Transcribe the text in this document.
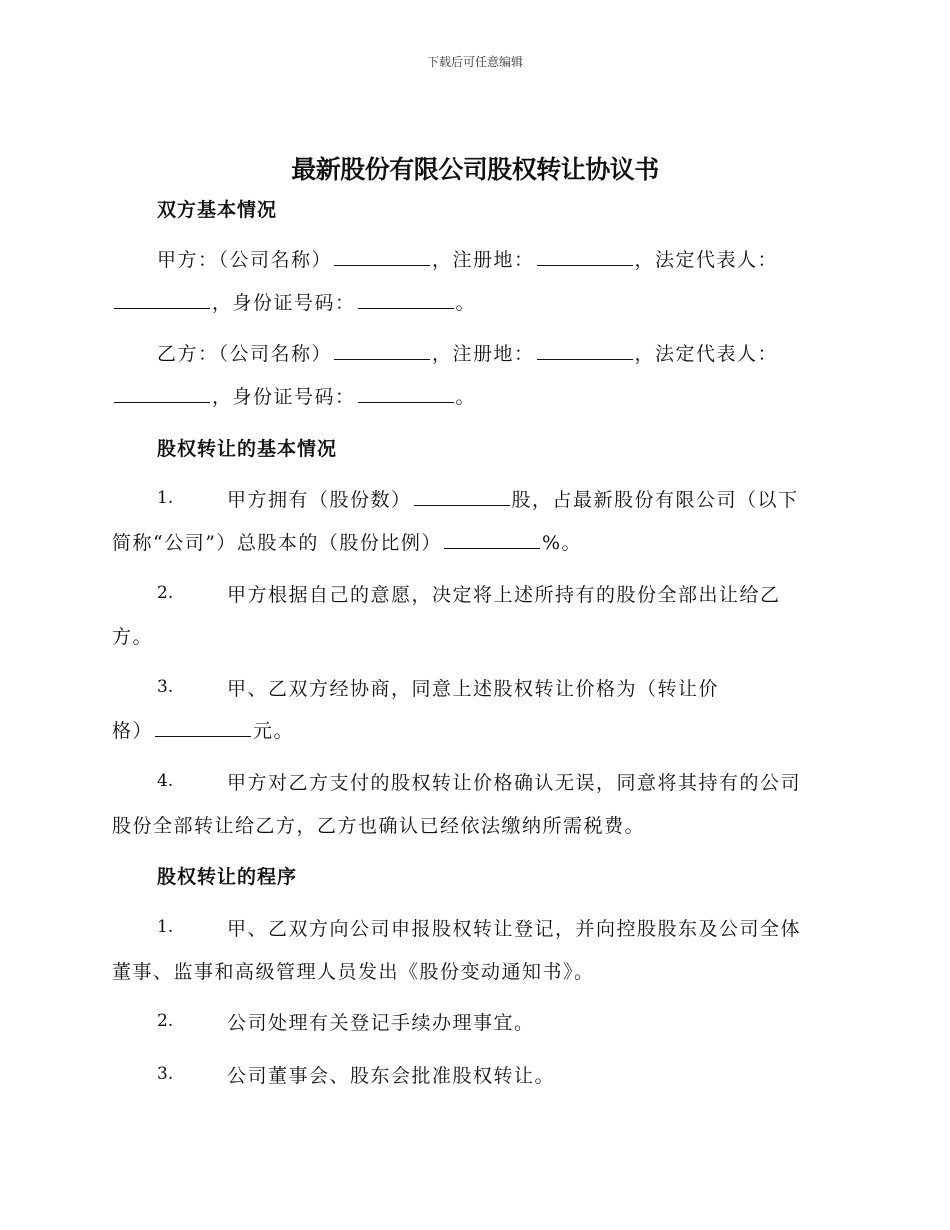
下载后可任意编辑
最新股份有限公司股权转让协议书
双方基本情况
甲方：（公司名称）	，注册地：	，法定代表人：
，身份证号码：	。
乙方：（公司名称）	，注册地：	，法定代表人：
，身份证号码：	。
股权转让的基本情况
1.	甲方拥有（股份数）	股，占最新股份有限公司（以下
简称“公司”）总股本的（股份比例）	%。
2.	甲方根据自己的意愿，决定将上述所持有的股份全部出让给乙
方。
3.	甲、乙双方经协商，同意上述股权转让价格为（转让价
格）	元。
4.	甲方对乙方支付的股权转让价格确认无误，同意将其持有的公司
股份全部转让给乙方，乙方也确认已经依法缴纳所需税费。
股权转让的程序
1.	甲、乙双方向公司申报股权转让登记，并向控股股东及公司全体
董事、监事和高级管理人员发出《股份变动通知书》。
2.	公司处理有关登记手续办理事宜。
3.	公司董事会、股东会批准股权转让。
